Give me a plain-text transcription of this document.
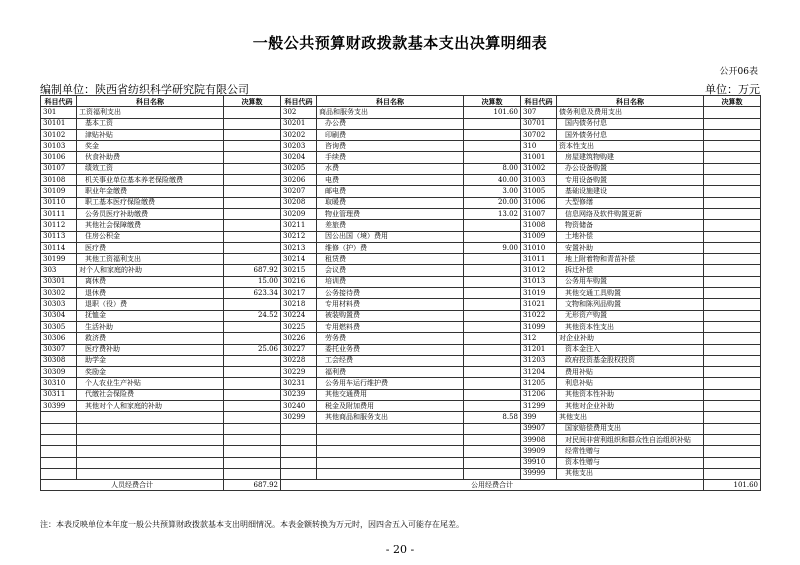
一般公共预算财政拨款基本支出决算明细表
公开06表
编制单位：陕西省纺织科学研究院有限公司	单位：万元
科目代码	科目名称	决算数	科目代码	科目名称	决算数	科目代码	科目名称	决算数
301	工资福利支出		302	商品和服务支出	101.60	307	债务利息及费用支出	
30101	基本工资		30201	办公费		30701	国内债务付息	
30102	津贴补贴		30202	印刷费		30702	国外债务付息	
30103	奖金		30203	咨询费		310	资本性支出	
30106	伙食补助费		30204	手续费		31001	房屋建筑物购建	
30107	绩效工资		30205	水费	8.00	31002	办公设备购置	
30108	机关事业单位基本养老保险缴费		30206	电费	40.00	31003	专用设备购置	
30109	职业年金缴费		30207	邮电费	3.00	31005	基础设施建设	
30110	职工基本医疗保险缴费		30208	取暖费	20.00	31006	大型修缮	
30111	公务员医疗补助缴费		30209	物业管理费	13.02	31007	信息网络及软件购置更新	
30112	其他社会保障缴费		30211	差旅费		31008	物资储备	
30113	住房公积金		30212	因公出国（境）费用		31009	土地补偿	
30114	医疗费		30213	维修（护）费	9.00	31010	安置补助	
30199	其他工资福利支出		30214	租赁费		31011	地上附着物和青苗补偿	
303	对个人和家庭的补助	687.92	30215	会议费		31012	拆迁补偿	
30301	离休费	15.00	30216	培训费		31013	公务用车购置	
30302	退休费	623.34	30217	公务接待费		31019	其他交通工具购置	
30303	退职（役）费		30218	专用材料费		31021	文物和陈列品购置	
30304	抚恤金	24.52	30224	被装购置费		31022	无形资产购置	
30305	生活补助		30225	专用燃料费		31099	其他资本性支出	
30306	救济费		30226	劳务费		312	对企业补助	
30307	医疗费补助	25.06	30227	委托业务费		31201	资本金注入	
30308	助学金		30228	工会经费		31203	政府投资基金股权投资	
30309	奖励金		30229	福利费		31204	费用补贴	
30310	个人农业生产补贴		30231	公务用车运行维护费		31205	利息补贴	
30311	代缴社会保险费		30239	其他交通费用		31206	其他资本性补助	
30399	其他对个人和家庭的补助		30240	税金及附加费用		31299	其他对企业补助	
			30299	其他商品和服务支出	8.58	399	其他支出	
						39907	国家赔偿费用支出	
						39908	对民间非营利组织和群众性自治组织补贴	
						39909	经常性赠与	
						39910	资本性赠与	
						39999	其他支出	
人员经费合计		687.92	公用经费合计					101.60
注：本表反映单位本年度一般公共预算财政拨款基本支出明细情况。本表金额转换为万元时，因四舍五入可能存在尾差。
- 20 -
